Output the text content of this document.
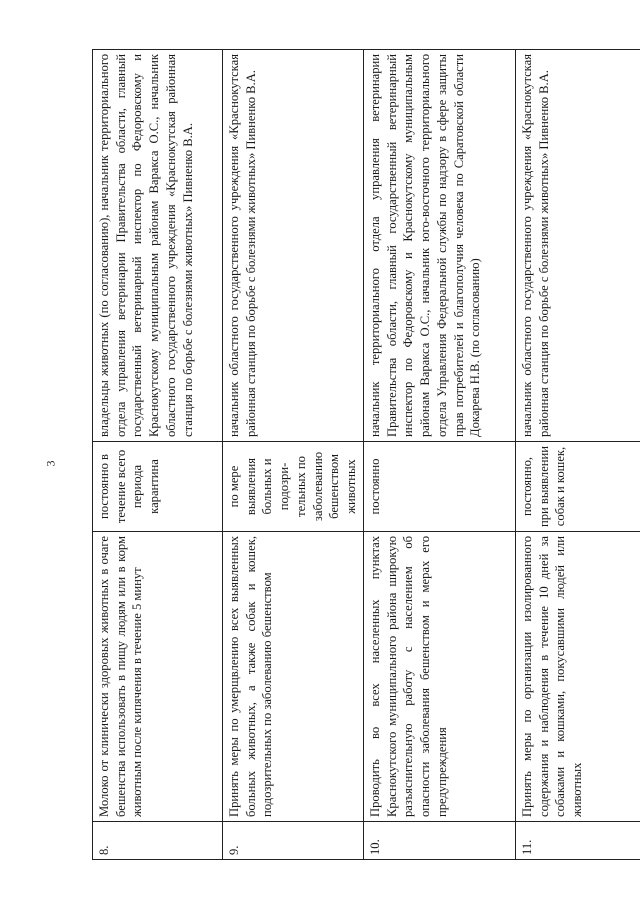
3
8.	Молоко от клинически здоровых животных в очаге бешенства использовать в пищу людям или в корм животным после кипячения в течение 5 минут	постоянно в течение всего периода карантина	владельцы животных (по согласованию), начальник территориального отдела управления ветеринарии Правительства области, главный государственный ветеринарный инспектор по Федоровскому и Краснокутскому муниципальным районам Варакса О.С., начальник областного государственного учреждения «Краснокутская районная станция по борьбе с болезнями животных» Пивненко В.А.
9.	Принять меры по умерщвлению всех выявленных больных животных, а также собак и кошек, подозрительных по заболеванию бешенством	по мере выявления больных и подозри-тельных по заболеванию бешенством животных	начальник областного государственного учреждения «Краснокутская районная станция по борьбе с болезнями животных» Пивненко В.А.
10.	Проводить во всех населенных пунктах Краснокутского муниципального района широкую разъяснительную работу с населением об опасности заболевания бешенством и мерах его предупреждения	постоянно	начальник территориального отдела управления ветеринарии Правительства области, главный государственный ветеринарный инспектор по Федоровскому и Краснокутскому муниципальным районам Варакса О.С., начальник юго-восточного территориального отдела Управления Федеральной службы по надзору в сфере защиты прав потребителей и благополучия человека по Саратовской области Докарева Н.В. (по согласованию)
11.	Принять меры по организации изолированного содержания и наблюдения в течение 10 дней за собаками и кошками, покусавшими людей или животных	постоянно, при выявлении собак и кошек,	начальник областного государственного учреждения «Краснокутская районная станция по борьбе с болезнями животных» Пивненко В.А.
